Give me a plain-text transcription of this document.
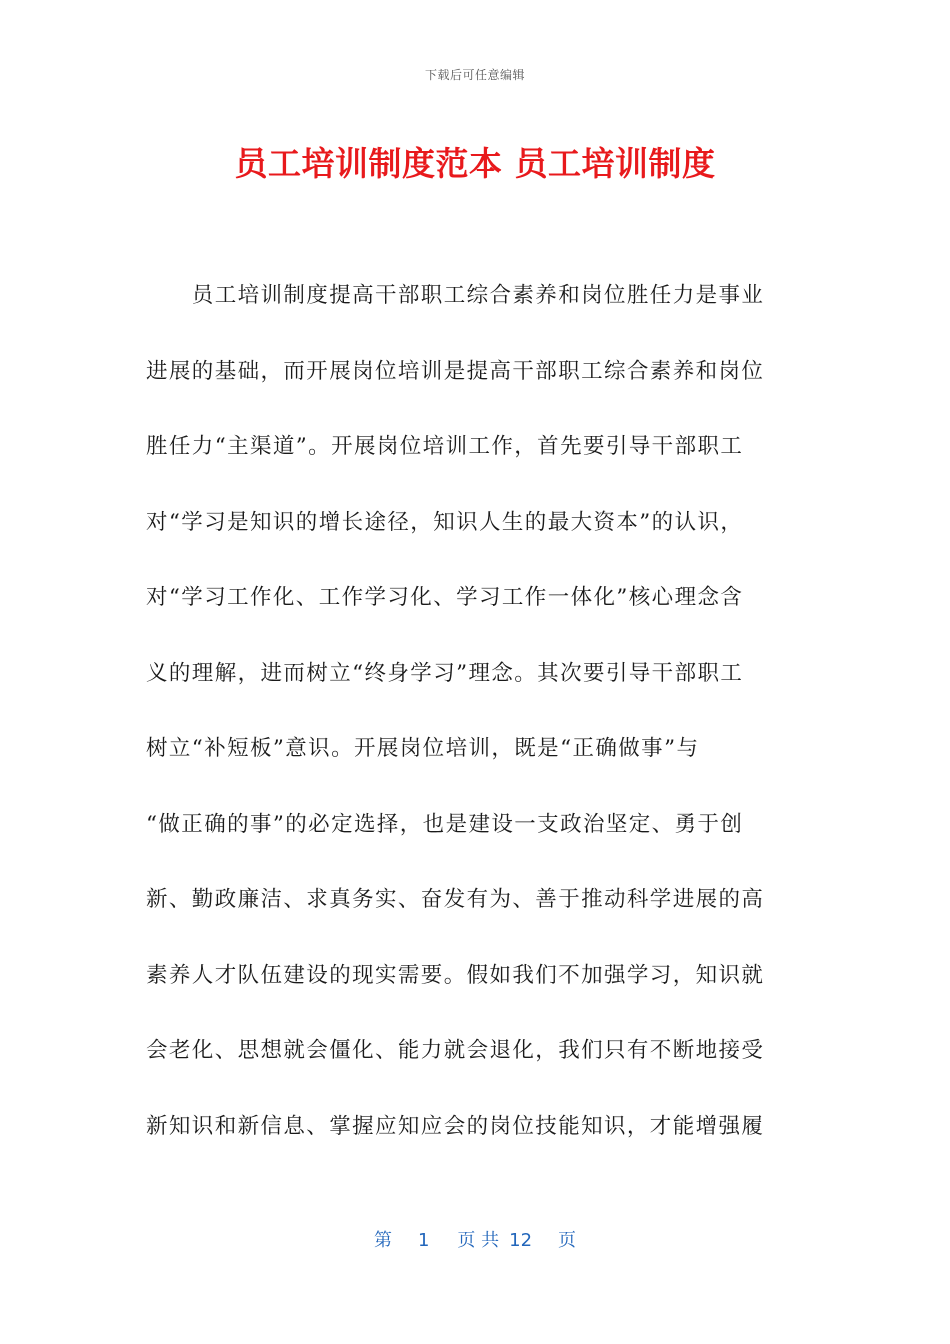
下载后可任意编辑
员工培训制度范本 员工培训制度
　　员工培训制度提高干部职工综合素养和岗位胜任力是事业
进展的基础，而开展岗位培训是提高干部职工综合素养和岗位
胜任力“主渠道”。开展岗位培训工作，首先要引导干部职工
对“学习是知识的增长途径，知识人生的最大资本”的认识，
对“学习工作化、工作学习化、学习工作一体化”核心理念含
义的理解，进而树立“终身学习”理念。其次要引导干部职工
树立“补短板”意识。开展岗位培训，既是“正确做事”与
“做正确的事”的必定选择，也是建设一支政治坚定、勇于创
新、勤政廉洁、求真务实、奋发有为、善于推动科学进展的高
素养人才队伍建设的现实需要。假如我们不加强学习，知识就
会老化、思想就会僵化、能力就会退化，我们只有不断地接受
新知识和新信息、掌握应知应会的岗位技能知识，才能增强履
第 1 页 共 12 页
